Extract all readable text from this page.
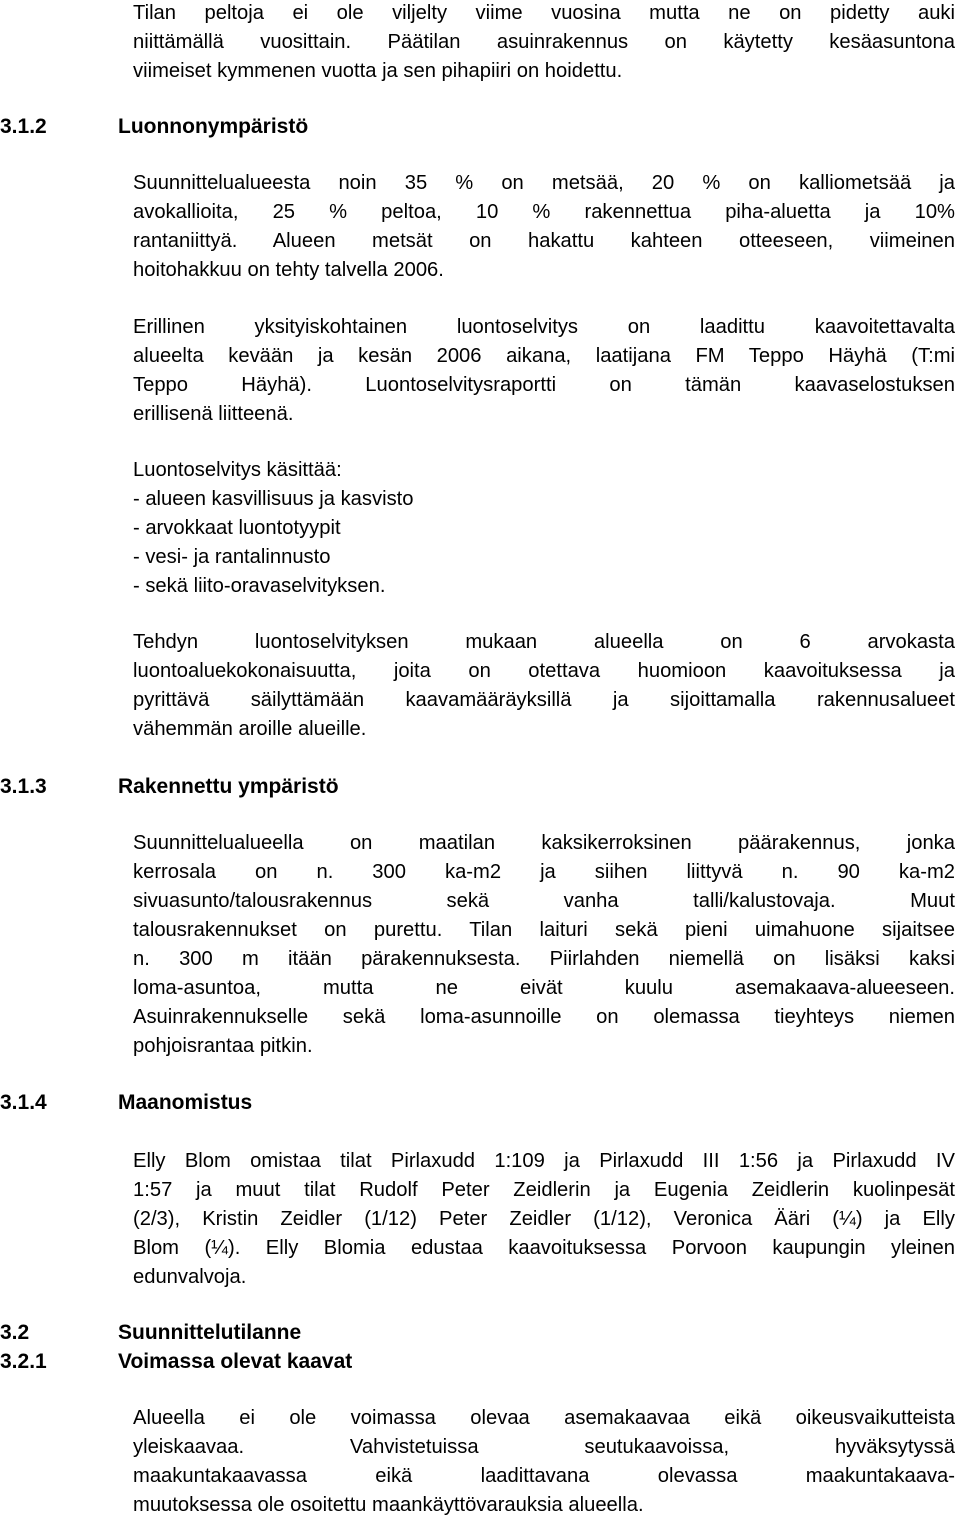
Tilan peltoja ei ole viljelty viime vuosina mutta ne on pidetty auki
niittämällä vuosittain. Päätilan asuinrakennus on käytetty kesäasuntona
viimeiset kymmenen vuotta ja sen pihapiiri on hoidettu.
3.1.2	Luonnonympäristö
Suunnittelualueesta noin 35 % on metsää, 20 % on kalliometsää ja
avokallioita, 25 % peltoa, 10 % rakennettua piha-aluetta ja 10%
rantaniittyä. Alueen metsät on hakattu kahteen otteeseen, viimeinen
hoitohakkuu on tehty talvella 2006.
Erillinen yksityiskohtainen luontoselvitys on laadittu kaavoitettavalta
alueelta kevään ja kesän 2006 aikana, laatijana FM Teppo Häyhä (T:mi
Teppo Häyhä). Luontoselvitysraportti on tämän kaavaselostuksen
erillisenä liitteenä.
Luontoselvitys käsittää:
- alueen kasvillisuus ja kasvisto
- arvokkaat luontotyypit
- vesi- ja rantalinnusto
- sekä liito-oravaselvityksen.
Tehdyn luontoselvityksen mukaan alueella on 6 arvokasta
luontoaluekokonaisuutta, joita on otettava huomioon kaavoituksessa ja
pyrittävä säilyttämään kaavamääräyksillä ja sijoittamalla rakennusalueet
vähemmän aroille alueille.
3.1.3	Rakennettu ympäristö
Suunnittelualueella on maatilan kaksikerroksinen päärakennus, jonka
kerrosala on n. 300 ka-m2 ja siihen liittyvä n. 90 ka-m2
sivuasunto/talousrakennus sekä vanha talli/kalustovaja. Muut
talousrakennukset on purettu. Tilan laituri sekä pieni uimahuone sijaitsee
n. 300 m itään pärakennuksesta. Piirlahden niemellä on lisäksi kaksi
loma-asuntoa, mutta ne eivät kuulu asemakaava-alueeseen.
Asuinrakennukselle sekä loma-asunnoille on olemassa tieyhteys niemen
pohjoisrantaa pitkin.
3.1.4	Maanomistus
Elly Blom omistaa tilat Pirlaxudd 1:109 ja Pirlaxudd III 1:56 ja Pirlaxudd IV
1:57 ja muut tilat Rudolf Peter Zeidlerin ja Eugenia Zeidlerin kuolinpesät
(2/3), Kristin Zeidler (1/12) Peter Zeidler (1/12), Veronica Ääri (¼) ja Elly
Blom (¼). Elly Blomia edustaa kaavoituksessa Porvoon kaupungin yleinen
edunvalvoja.
3.2	Suunnittelutilanne
3.2.1	Voimassa olevat kaavat
Alueella ei ole voimassa olevaa asemakaavaa eikä oikeusvaikutteista
yleiskaavaa. Vahvistetuissa seutukaavoissa, hyväksytyssä
maakuntakaavassa eikä laadittavana olevassa maakuntakaava-
muutoksessa ole osoitettu maankäyttövarauksia alueella.
